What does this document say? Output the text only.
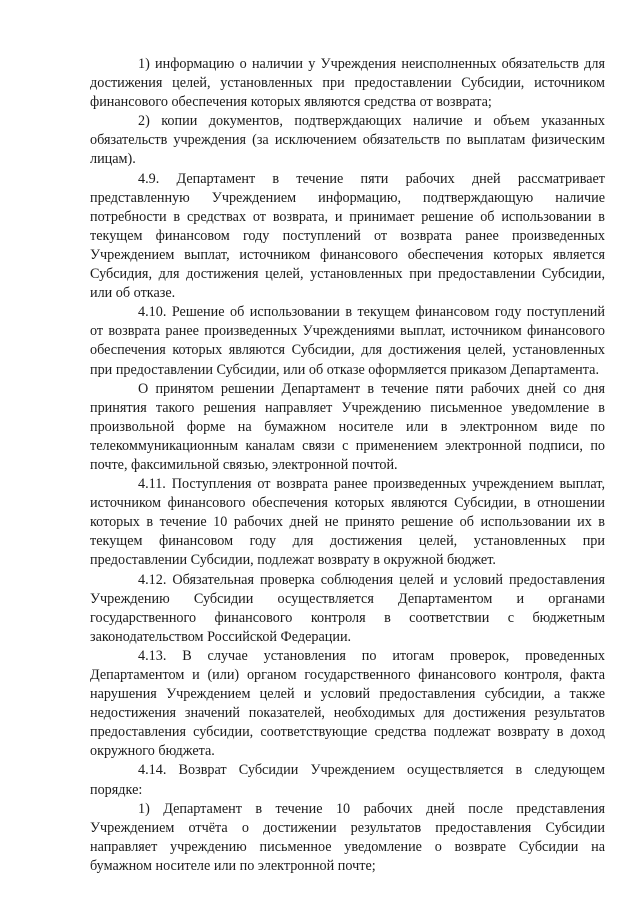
1) информацию о наличии у Учреждения неисполненных обязательств для достижения целей, установленных при предоставлении Субсидии, источником финансового обеспечения которых являются средства от возврата;

2) копии документов, подтверждающих наличие и объем указанных обязательств учреждения (за исключением обязательств по выплатам физическим лицам).

4.9. Департамент в течение пяти рабочих дней рассматривает представленную Учреждением информацию, подтверждающую наличие потребности в средствах от возврата, и принимает решение об использовании в текущем финансовом году поступлений от возврата ранее произведенных Учреждением выплат, источником финансового обеспечения которых является Субсидия, для достижения целей, установленных при предоставлении Субсидии, или об отказе.

4.10. Решение об использовании в текущем финансовом году поступлений от возврата ранее произведенных Учреждениями выплат, источником финансового обеспечения которых являются Субсидии, для достижения целей, установленных при предоставлении Субсидии, или об отказе оформляется приказом Департамента.

О принятом решении Департамент в течение пяти рабочих дней со дня принятия такого решения направляет Учреждению письменное уведомление в произвольной форме на бумажном носителе или в электронном виде по телекоммуникационным каналам связи с применением электронной подписи, по почте, факсимильной связью, электронной почтой.

4.11. Поступления от возврата ранее произведенных учреждением выплат, источником финансового обеспечения которых являются Субсидии, в отношении которых в течение 10 рабочих дней не принято решение об использовании их в текущем финансовом году для достижения целей, установленных при предоставлении Субсидии, подлежат возврату в окружной бюджет.

4.12. Обязательная проверка соблюдения целей и условий предоставления Учреждению Субсидии осуществляется Департаментом и органами государственного финансового контроля в соответствии с бюджетным законодательством Российской Федерации.

4.13. В случае установления по итогам проверок, проведенных Департаментом и (или) органом государственного финансового контроля, факта нарушения Учреждением целей и условий предоставления субсидии, а также недостижения значений показателей, необходимых для достижения результатов предоставления субсидии, соответствующие средства подлежат возврату в доход окружного бюджета.

4.14. Возврат Субсидии Учреждением осуществляется в следующем порядке:

1) Департамент в течение 10 рабочих дней после представления Учреждением отчёта о достижении результатов предоставления Субсидии направляет учреждению письменное уведомление о возврате Субсидии на бумажном носителе или по электронной почте;
